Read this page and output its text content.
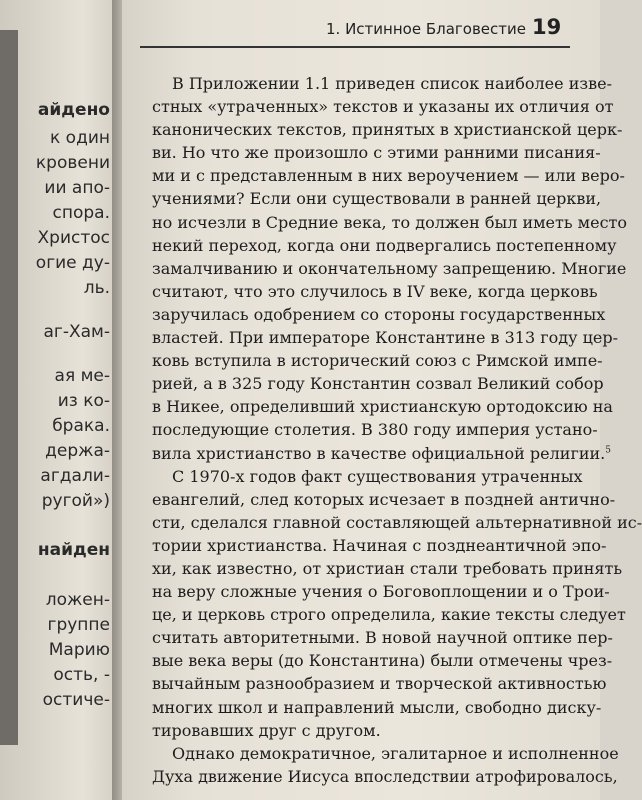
айдено
к один
кровени
ии апо-
спора.
Христос
огие ду-
ль.
аг-Хам-
ая ме-
из ко-
брака.
держа-
агдали-
ругой»)
найден
ложен-
группе
Марию
ость, -
остиче-
1. Истинное Благовестие 19
В Приложении 1.1 приведен список наиболее изве-
стных «утраченных» текстов и указаны их отличия от
канонических текстов, принятых в христианской церк-
ви. Но что же произошло с этими ранними писания-
ми и с представленным в них вероучением — или веро-
учениями? Если они существовали в ранней церкви,
но исчезли в Средние века, то должен был иметь место
некий переход, когда они подвергались постепенному
замалчиванию и окончательному запрещению. Многие
считают, что это случилось в IV веке, когда церковь
заручилась одобрением со стороны государственных
властей. При императоре Константине в 313 году цер-
ковь вступила в исторический союз с Римской импе-
рией, а в 325 году Константин созвал Великий собор
в Никее, определивший христианскую ортодоксию на
последующие столетия. В 380 году империя устано-
вила христианство в качестве официальной религии.$^5$
С 1970-х годов факт существования утраченных
евангелий, след которых исчезает в поздней антично-
сти, сделался главной составляющей альтернативной ис-
тории христианства. Начиная с позднеантичной эпо-
хи, как известно, от христиан стали требовать принять
на веру сложные учения о Боговоплощении и о Трои-
це, и церковь строго определила, какие тексты следует
считать авторитетными. В новой научной оптике пер-
вые века веры (до Константина) были отмечены чрез-
вычайным разнообразием и творческой активностью
многих школ и направлений мысли, свободно диску-
тировавших друг с другом.
Однако демократичное, эгалитарное и исполненное
Духа движение Иисуса впоследствии атрофировалось,
